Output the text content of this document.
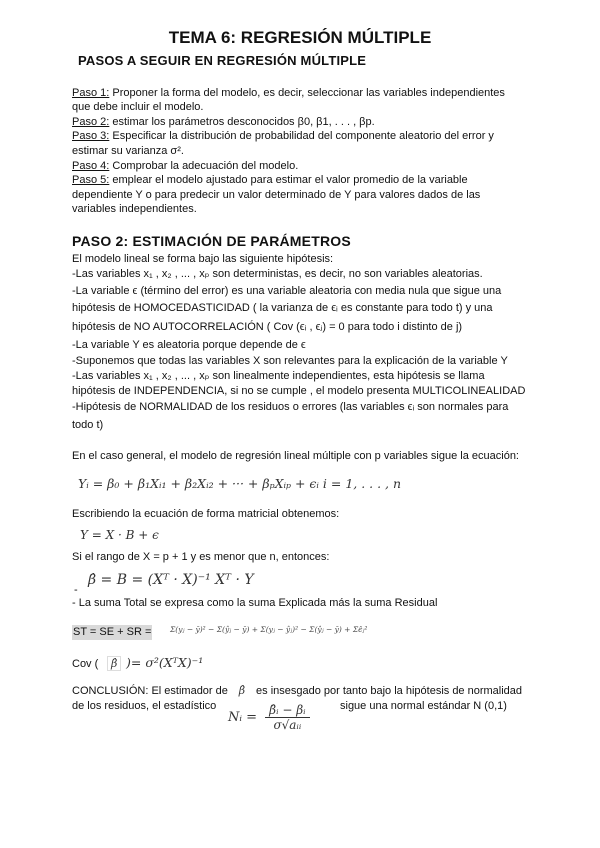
TEMA 6: REGRESIÓN MÚLTIPLE
PASOS A SEGUIR EN REGRESIÓN MÚLTIPLE
Paso 1: Proponer la forma del modelo, es decir, seleccionar las variables independientes
que debe incluir el modelo.
Paso 2: estimar los parámetros desconocidos β0, β1, . . . , βp.
Paso 3: Especificar la distribución de probabilidad del componente aleatorio del error y
estimar su varianza σ².
Paso 4: Comprobar la adecuación del modelo.
Paso 5: emplear el modelo ajustado para estimar el valor promedio de la variable
dependiente Y o para predecir un valor determinado de Y para valores dados de las
variables independientes.
PASO 2: ESTIMACIÓN DE PARÁMETROS
El modelo lineal se forma bajo las siguiente hipótesis:
-Las variables x₁ , x₂ , ... , xₚ son deterministas, es decir, no son variables aleatorias.
-La variable ϵ (término del error) es una variable aleatoria con media nula que sigue una
hipótesis de HOMOCEDASTICIDAD ( la varianza de ϵᵢ es constante para todo t) y una
hipótesis de NO AUTOCORRELACIÓN ( Cov (ϵᵢ , ϵⱼ) = 0 para todo i distinto de j)
-La variable Y es aleatoria porque depende de ϵ
-Suponemos que todas las variables X son relevantes para la explicación de la variable Y
-Las variables x₁ , x₂ , ... , xₚ son linealmente independientes, esta hipótesis se llama
hipótesis de INDEPENDENCIA, si no se cumple , el modelo presenta MULTICOLINEALIDAD
-Hipótesis de NORMALIDAD de los residuos o errores (las variables ϵᵢ son normales para
todo t)
En el caso general, el modelo de regresión lineal múltiple con p variables sigue la ecuación:
Yᵢ = β₀ + β₁Xᵢ₁ + β₂Xᵢ₂ + ··· + βₚXᵢₚ + ϵᵢ i = 1, . . . , n
Escribiendo la ecuación de forma matricial obtenemos:
Y = X · B + ϵ
Si el rango de X = p + 1 y es menor que n, entonces:
-
β̂ = B = (Xᵀ · X)⁻¹ Xᵀ · Y
- La suma Total se expresa como la suma Explicada más la suma Residual
ST = SE + SR = Σ(yⱼ − ȳ)² − Σ(ŷⱼ − ȳ) + Σ(yⱼ − ŷⱼ)² − Σ(ŷⱼ − ȳ) + Σϵ̂ⱼ²
Cov (	β̂ )= σ²(XᵀX)⁻¹
CONCLUSIÓN: El estimador de β̂ es insesgado por tanto bajo la hipótesis de normalidad
de los residuos, el estadístico	sigue una normal estándar N (0,1)
Nᵢ =	β̂ᵢ − βᵢ
σ√aᵢᵢ
